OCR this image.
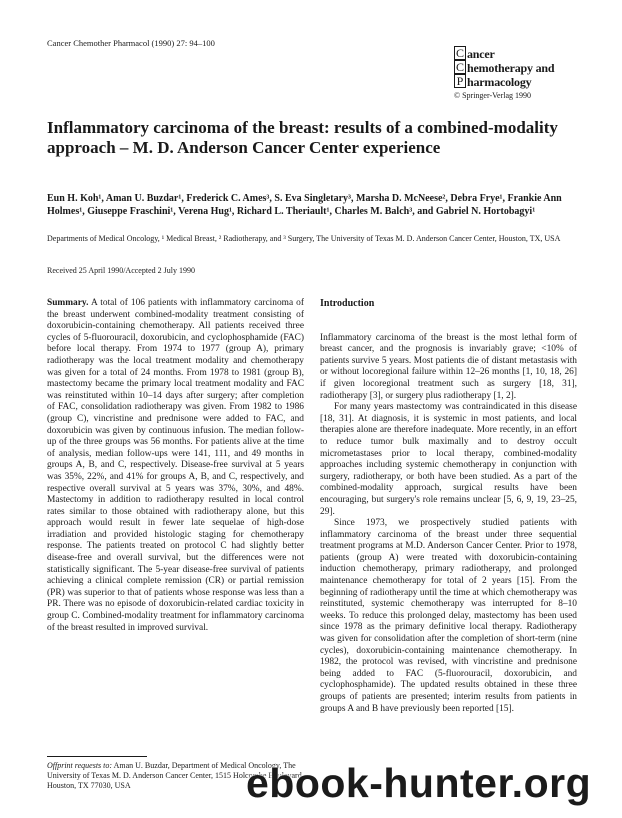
Cancer Chemother Pharmacol (1990) 27: 94–100
C ancer
C hemotherapy and
P harmacology
© Springer-Verlag 1990
Inflammatory carcinoma of the breast: results of a combined-modality approach – M. D. Anderson Cancer Center experience

Eun H. Koh¹, Aman U. Buzdar¹, Frederick C. Ames³, S. Eva Singletary³, Marsha D. McNeese², Debra Frye¹, Frankie Ann Holmes¹, Giuseppe Fraschini¹, Verena Hug¹, Richard L. Theriault¹, Charles M. Balch³, and Gabriel N. Hortobagyi¹

Departments of Medical Oncology, ¹ Medical Breast, ² Radiotherapy, and ³ Surgery, The University of Texas M. D. Anderson Cancer Center, Houston, TX, USA

Received 25 April 1990/Accepted 2 July 1990

Summary. A total of 106 patients with inflammatory carcinoma of the breast underwent combined-modality treatment consisting of doxorubicin-containing chemotherapy. All patients received three cycles of 5-fluorouracil, doxorubicin, and cyclophosphamide (FAC) before local therapy. From 1974 to 1977 (group A), primary radiotherapy was the local treatment modality and chemotherapy was given for a total of 24 months. From 1978 to 1981 (group B), mastectomy became the primary local treatment modality and FAC was reinstituted within 10–14 days after surgery; after completion of FAC, consolidation radiotherapy was given. From 1982 to 1986 (group C), vincristine and prednisone were added to FAC, and doxorubicin was given by continuous infusion. The median follow-up of the three groups was 56 months. For patients alive at the time of analysis, median follow-ups were 141, 111, and 49 months in groups A, B, and C, respectively. Disease-free survival at 5 years was 35%, 22%, and 41% for groups A, B, and C, respectively, and respective overall survival at 5 years was 37%, 30%, and 48%. Mastectomy in addition to radiotherapy resulted in local control rates similar to those obtained with radiotherapy alone, but this approach would result in fewer late sequelae of high-dose irradiation and provided histologic staging for chemotherapy response. The patients treated on protocol C had slightly better disease-free and overall survival, but the differences were not statistically significant. The 5-year disease-free survival of patients achieving a clinical complete remission (CR) or partial remission (PR) was superior to that of patients whose response was less than a PR. There was no episode of doxorubicin-related cardiac toxicity in group C. Combined-modality treatment for inflammatory carcinoma of the breast resulted in improved survival.

Introduction

Inflammatory carcinoma of the breast is the most lethal form of breast cancer, and the prognosis is invariably grave; <10% of patients survive 5 years. Most patients die of distant metastasis with or without locoregional failure within 12–26 months [1, 10, 18, 26] if given locoregional treatment such as surgery [18, 31], radiotherapy [3], or surgery plus radiotherapy [1, 2].

For many years mastectomy was contraindicated in this disease [18, 31]. At diagnosis, it is systemic in most patients, and local therapies alone are therefore inadequate. More recently, in an effort to reduce tumor bulk maximally and to destroy occult micrometastases prior to local therapy, combined-modality approaches including systemic chemotherapy in conjunction with surgery, radiotherapy, or both have been studied. As a part of the combined-modality approach, surgical results have been encouraging, but surgery's role remains unclear [5, 6, 9, 19, 23–25, 29].

Since 1973, we prospectively studied patients with inflammatory carcinoma of the breast under three sequential treatment programs at M.D. Anderson Cancer Center. Prior to 1978, patients (group A) were treated with doxorubicin-containing induction chemotherapy, primary radiotherapy, and prolonged maintenance chemotherapy for total of 2 years [15]. From the beginning of radiotherapy until the time at which chemotherapy was reinstituted, systemic chemotherapy was interrupted for 8–10 weeks. To reduce this prolonged delay, mastectomy has been used since 1978 as the primary definitive local therapy. Radiotherapy was given for consolidation after the completion of short-term (nine cycles), doxorubicin-containing maintenance chemotherapy. In 1982, the protocol was revised, with vincristine and prednisone being added to FAC (5-fluorouracil, doxorubicin, and cyclophosphamide). The updated results obtained in these three groups of patients are presented; interim results from patients in groups A and B have previously been reported [15].

Offprint requests to: Aman U. Buzdar, Department of Medical Oncology, The University of Texas M. D. Anderson Cancer Center, 1515 Holcombe Boulevard, Houston, TX 77030, USA	ebook-hunter.org
